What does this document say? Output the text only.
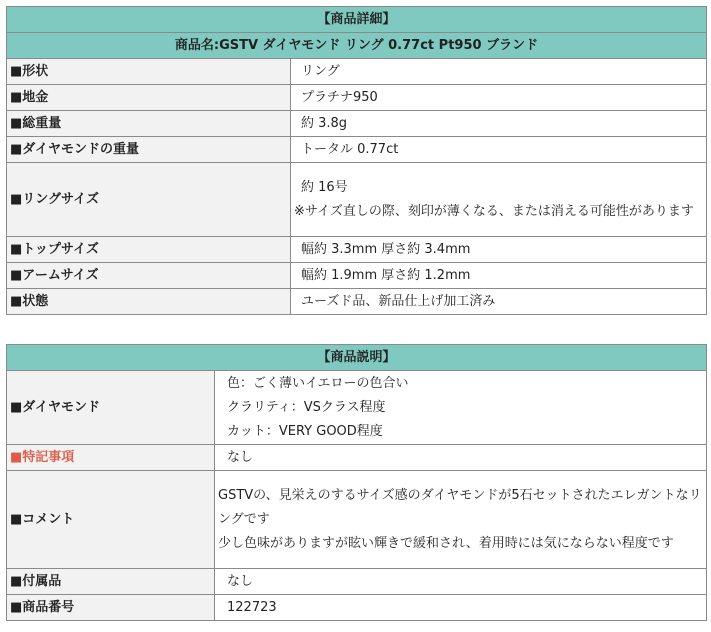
【商品詳細】	
商品名:GSTV ダイヤモンド リング 0.77ct Pt950 ブランド	
■形状	リング
■地金	プラチナ950
■総重量	約 3.8g
■ダイヤモンドの重量	トータル 0.77ct
■リングサイズ	約 16号
※サイズ直しの際、刻印が薄くなる、または消える可能性があります

■トップサイズ	幅約 3.3mm 厚さ約 3.4mm
■アームサイズ	幅約 1.9mm 厚さ約 1.2mm
■状態	ユーズド品、新品仕上げ加工済み
【商品説明】	
■ダイヤモンド	色：ごく薄いイエローの色合い
クラリティ：VSクラス程度
カット：VERY GOOD程度

■特記事項	なし
■コメント	GSTVの、見栄えのするサイズ感のダイヤモンドが5石セットされたエレガントなリングです
少し色味がありますが眩い輝きで緩和され、着用時には気にならない程度です

■付属品	なし
■商品番号	122723
